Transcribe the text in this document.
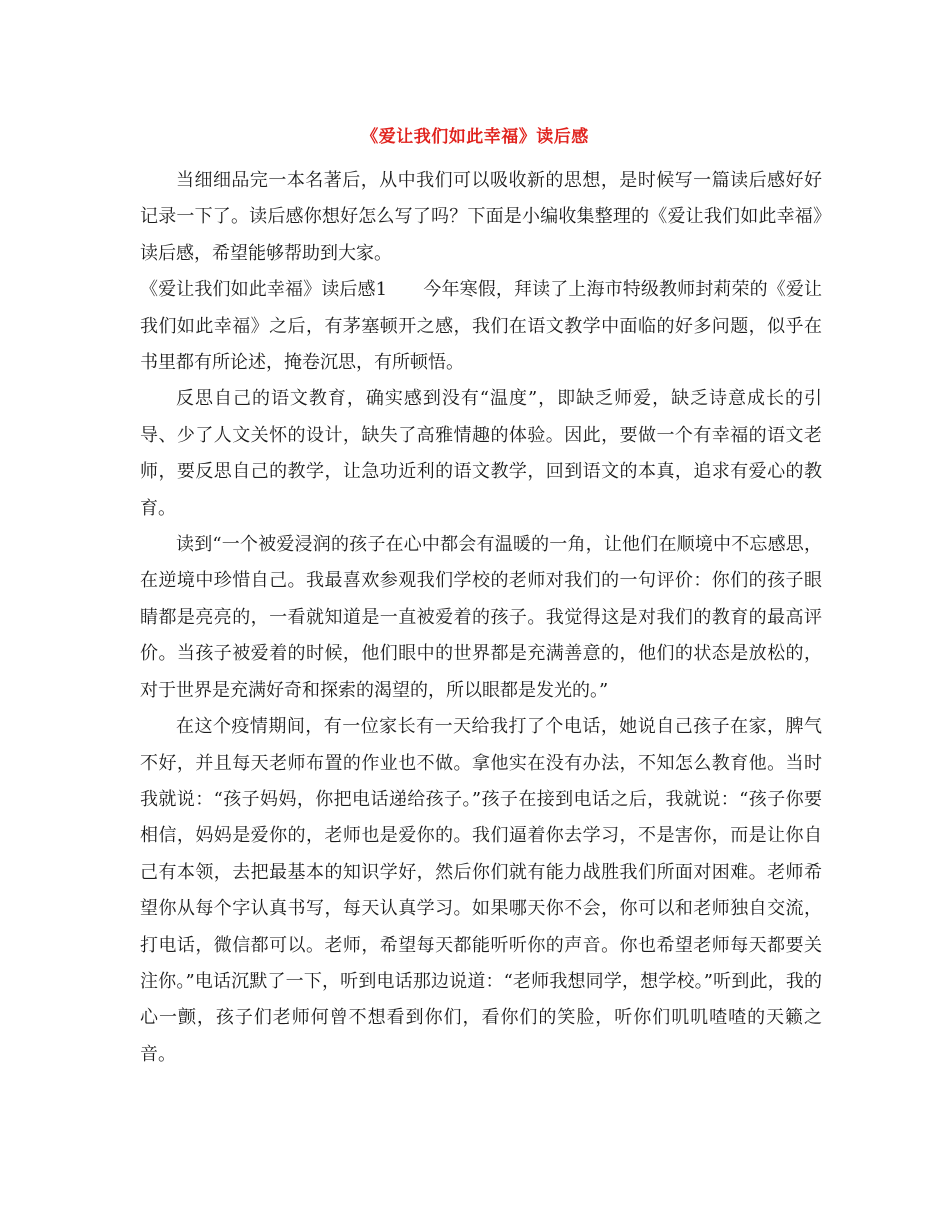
《爱让我们如此幸福》读后感

当细细品完一本名著后，从中我们可以吸收新的思想，是时候写一篇读后感好好记录一下了。读后感你想好怎么写了吗？下面是小编收集整理的《爱让我们如此幸福》读后感，希望能够帮助到大家。

《爱让我们如此幸福》读后感1　　今年寒假，拜读了上海市特级教师封莉荣的《爱让我们如此幸福》之后，有茅塞顿开之感，我们在语文教学中面临的好多问题，似乎在书里都有所论述，掩卷沉思，有所顿悟。

反思自己的语文教育，确实感到没有“温度”，即缺乏师爱，缺乏诗意成长的引导、少了人文关怀的设计，缺失了高雅情趣的体验。因此，要做一个有幸福的语文老师，要反思自己的教学，让急功近利的语文教学，回到语文的本真，追求有爱心的教育。

读到“一个被爱浸润的孩子在心中都会有温暖的一角，让他们在顺境中不忘感思，在逆境中珍惜自己。我最喜欢参观我们学校的老师对我们的一句评价：你们的孩子眼睛都是亮亮的，一看就知道是一直被爱着的孩子。我觉得这是对我们的教育的最高评价。当孩子被爱着的时候，他们眼中的世界都是充满善意的，他们的状态是放松的，对于世界是充满好奇和探索的渴望的，所以眼都是发光的。”

在这个疫情期间，有一位家长有一天给我打了个电话，她说自己孩子在家，脾气不好，并且每天老师布置的作业也不做。拿他实在没有办法，不知怎么教育他。当时我就说：“孩子妈妈，你把电话递给孩子。”孩子在接到电话之后，我就说：“孩子你要相信，妈妈是爱你的，老师也是爱你的。我们逼着你去学习，不是害你，而是让你自己有本领，去把最基本的知识学好，然后你们就有能力战胜我们所面对困难。老师希望你从每个字认真书写，每天认真学习。如果哪天你不会，你可以和老师独自交流，打电话，微信都可以。老师，希望每天都能听听你的声音。你也希望老师每天都要关注你。”电话沉默了一下，听到电话那边说道：“老师我想同学，想学校。”听到此，我的心一颤，孩子们老师何曾不想看到你们，看你们的笑脸，听你们叽叽喳喳的天籁之音。
